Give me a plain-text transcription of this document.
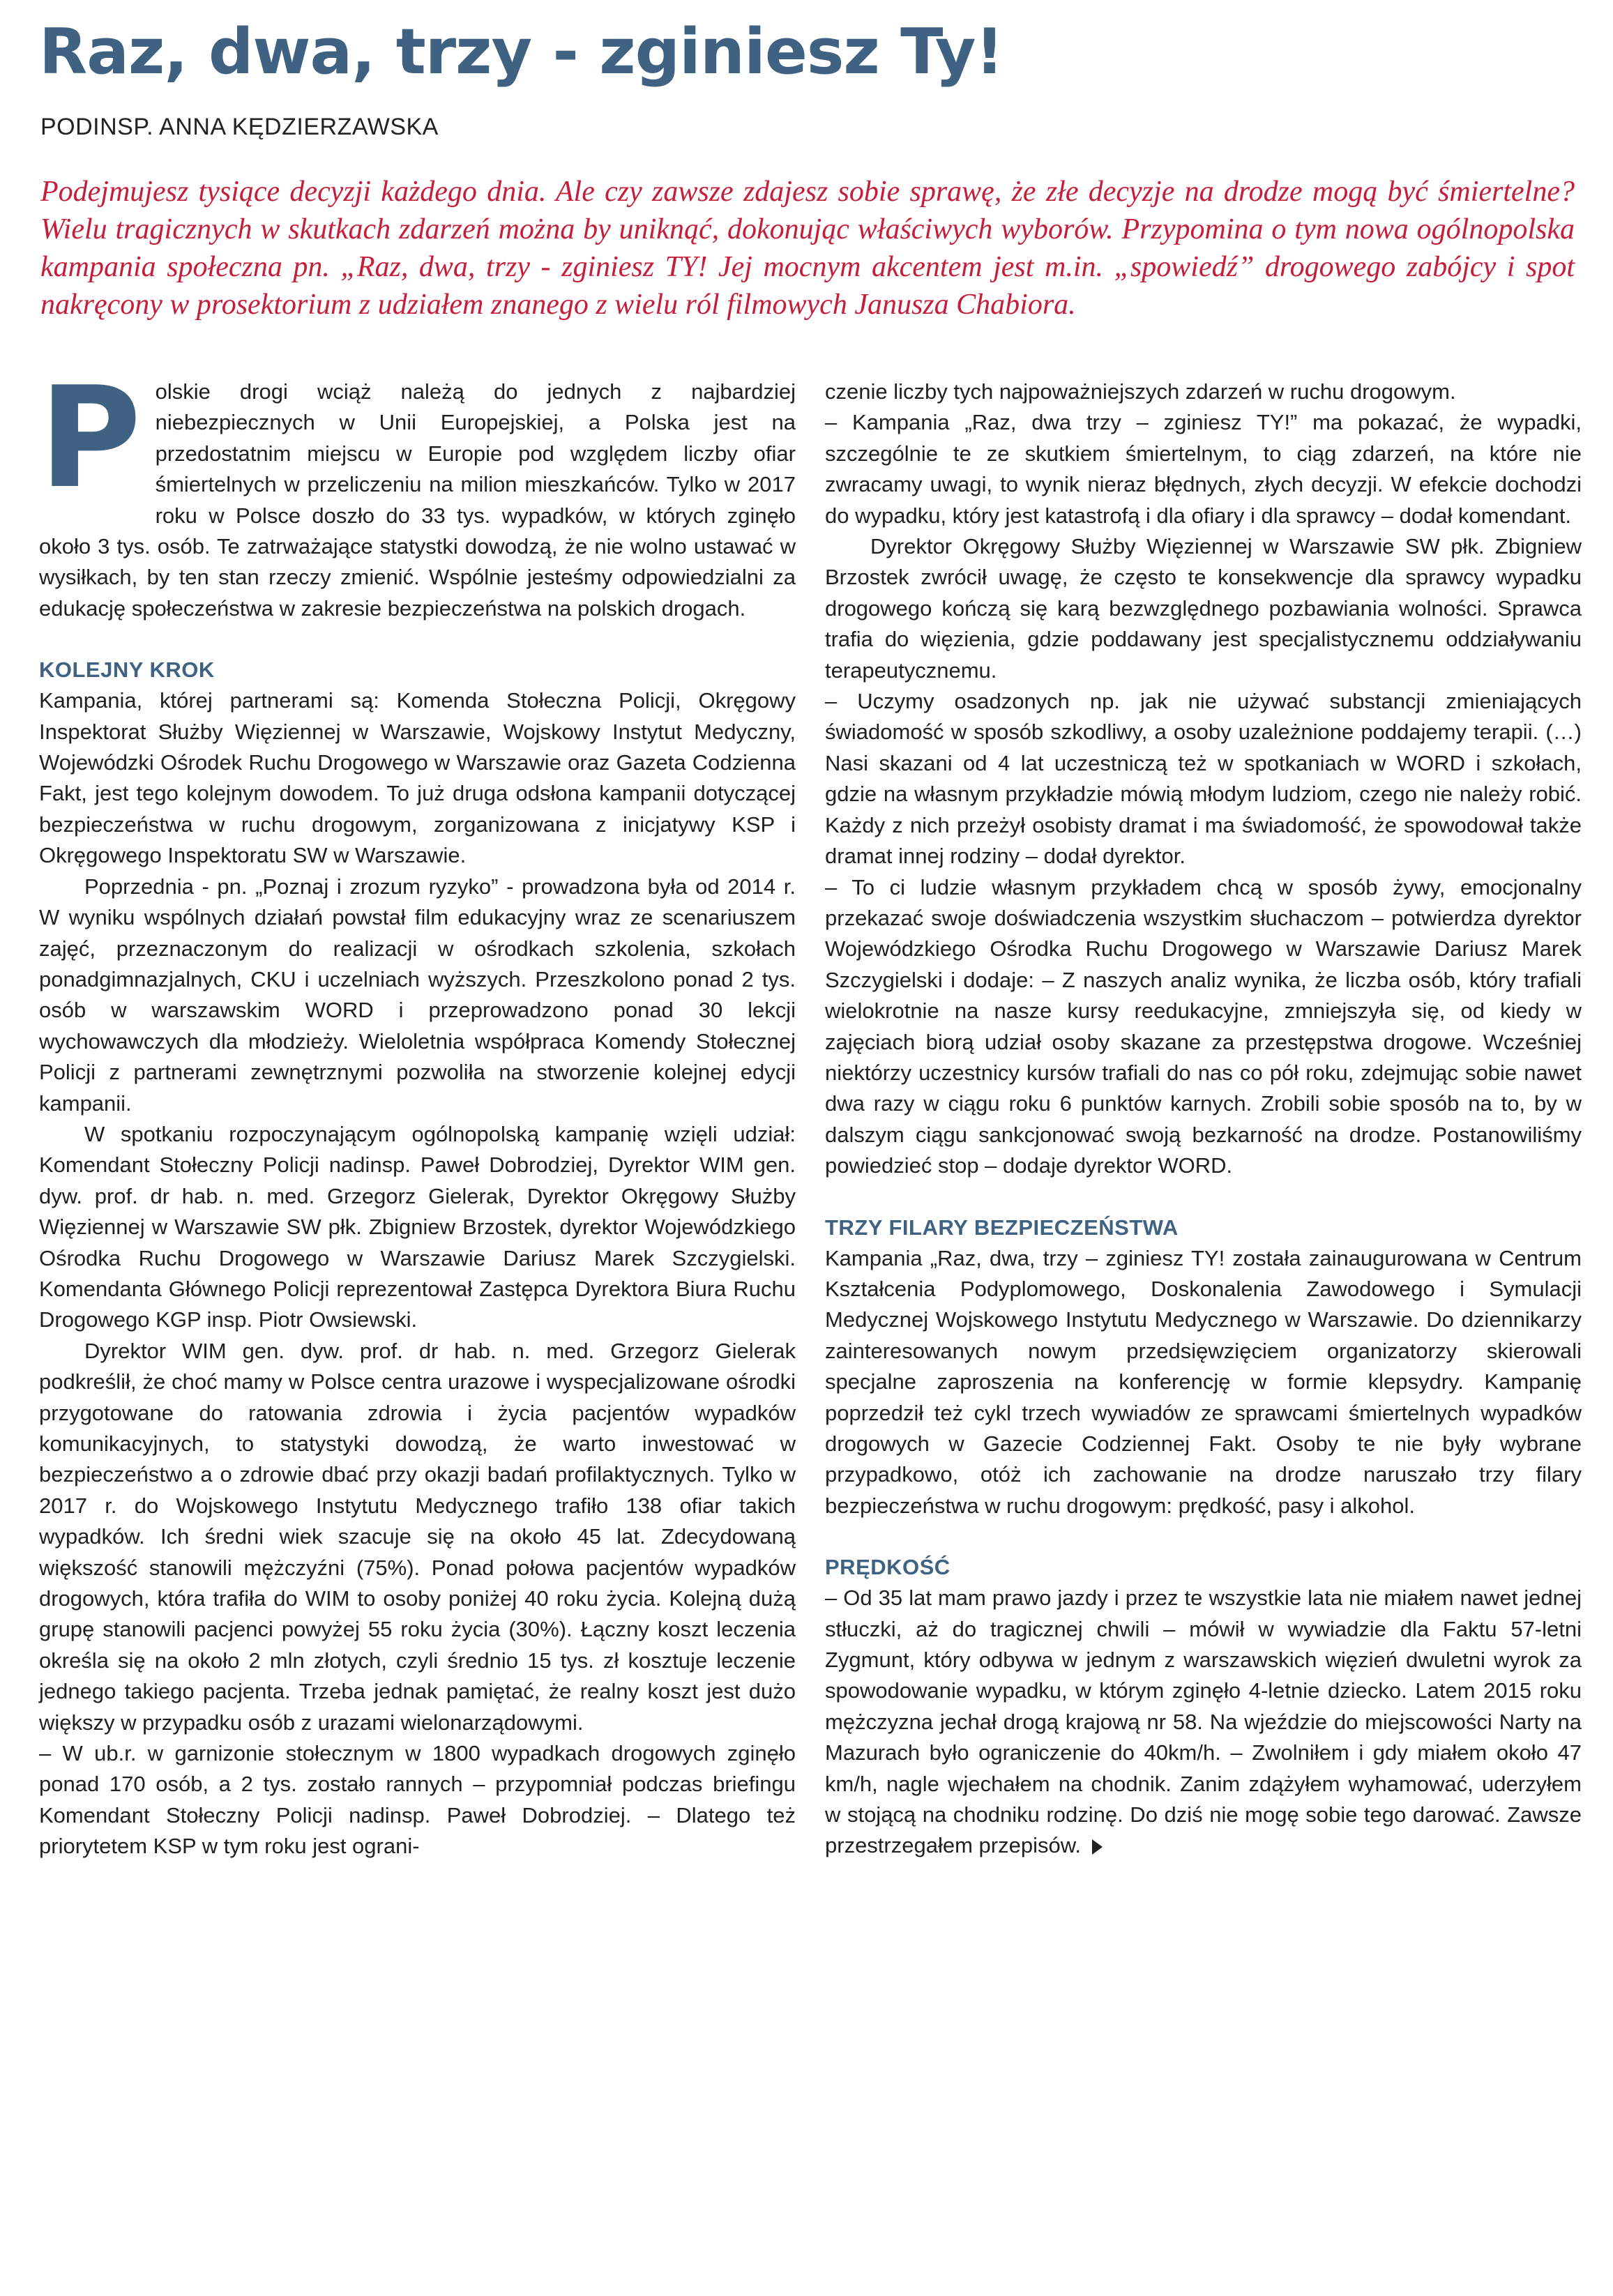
Raz, dwa, trzy - zginiesz Ty!

PODINSP. ANNA KĘDZIERZAWSKA

Podejmujesz tysiące decyzji każdego dnia. Ale czy zawsze zdajesz sobie sprawę, że złe decyzje na drodze mogą być śmiertelne? Wielu tragicznych w skutkach zdarzeń można by uniknąć, dokonując właściwych wyborów. Przypomina o tym nowa ogólnopolska kampania społeczna pn. „Raz, dwa, trzy - zginiesz TY! Jej mocnym akcentem jest m.in. „spowiedź” drogowego zabójcy i spot nakręcony w prosektorium z udziałem znanego z wielu ról filmowych Janusza Chabiora.

Polskie drogi wciąż należą do jednych z najbardziej niebezpiecznych w Unii Europejskiej, a Polska jest na przedostatnim miejscu w Europie pod względem liczby ofiar śmiertelnych w przeliczeniu na milion mieszkańców. Tylko w 2017 roku w Polsce doszło do 33 tys. wypadków, w których zginęło około 3 tys. osób. Te zatrważające statystki dowodzą, że nie wolno ustawać w wysiłkach, by ten stan rzeczy zmienić. Wspólnie jesteśmy odpowiedzialni za edukację społeczeństwa w zakresie bezpieczeństwa na polskich drogach.

KOLEJNY KROK

Kampania, której partnerami są: Komenda Stołeczna Policji, Okręgowy Inspektorat Służby Więziennej w Warszawie, Wojskowy Instytut Medyczny, Wojewódzki Ośrodek Ruchu Drogowego w Warszawie oraz Gazeta Codzienna Fakt, jest tego kolejnym dowodem. To już druga odsłona kampanii dotyczącej bezpieczeństwa w ruchu drogowym, zorganizowana z inicjatywy KSP i Okręgowego Inspektoratu SW w Warszawie.

Poprzednia - pn. „Poznaj i zrozum ryzyko” - prowadzona była od 2014 r. W wyniku wspólnych działań powstał film edukacyjny wraz ze scenariuszem zajęć, przeznaczonym do realizacji w ośrodkach szkolenia, szkołach ponadgimnazjalnych, CKU i uczelniach wyższych. Przeszkolono ponad 2 tys. osób w warszawskim WORD i przeprowadzono ponad 30 lekcji wychowawczych dla młodzieży. Wieloletnia współpraca Komendy Stołecznej Policji z partnerami zewnętrznymi pozwoliła na stworzenie kolejnej edycji kampanii.

W spotkaniu rozpoczynającym ogólnopolską kampanię wzięli udział: Komendant Stołeczny Policji nadinsp. Paweł Dobrodziej, Dyrektor WIM gen. dyw. prof. dr hab. n. med. Grzegorz Gielerak, Dyrektor Okręgowy Służby Więziennej w Warszawie SW płk. Zbigniew Brzostek, dyrektor Wojewódzkiego Ośrodka Ruchu Drogowego w Warszawie Dariusz Marek Szczygielski. Komendanta Głównego Policji reprezentował Zastępca Dyrektora Biura Ruchu Drogowego KGP insp. Piotr Owsiewski.

Dyrektor WIM gen. dyw. prof. dr hab. n. med. Grzegorz Gielerak podkreślił, że choć mamy w Polsce centra urazowe i wyspecjalizowane ośrodki przygotowane do ratowania zdrowia i życia pacjentów wypadków komunikacyjnych, to statystyki dowodzą, że warto inwestować w bezpieczeństwo a o zdrowie dbać przy okazji badań profilaktycznych. Tylko w 2017 r. do Wojskowego Instytutu Medycznego trafiło 138 ofiar takich wypadków. Ich średni wiek szacuje się na około 45 lat. Zdecydowaną większość stanowili mężczyźni (75%). Ponad połowa pacjentów wypadków drogowych, która trafiła do WIM to osoby poniżej 40 roku życia. Kolejną dużą grupę stanowili pacjenci powyżej 55 roku życia (30%). Łączny koszt leczenia określa się na około 2 mln złotych, czyli średnio 15 tys. zł kosztuje leczenie jednego takiego pacjenta. Trzeba jednak pamiętać, że realny koszt jest dużo większy w przypadku osób z urazami wielonarządowymi.

– W ub.r. w garnizonie stołecznym w 1800 wypadkach drogowych zginęło ponad 170 osób, a 2 tys. zostało rannych – przypomniał podczas briefingu Komendant Stołeczny Policji nadinsp. Paweł Dobrodziej. – Dlatego też priorytetem KSP w tym roku jest ograni-

czenie liczby tych najpoważniejszych zdarzeń w ruchu drogowym.

– Kampania „Raz, dwa trzy – zginiesz TY!” ma pokazać, że wypadki, szczególnie te ze skutkiem śmiertelnym, to ciąg zdarzeń, na które nie zwracamy uwagi, to wynik nieraz błędnych, złych decyzji. W efekcie dochodzi do wypadku, który jest katastrofą i dla ofiary i dla sprawcy – dodał komendant.

Dyrektor Okręgowy Służby Więziennej w Warszawie SW płk. Zbigniew Brzostek zwrócił uwagę, że często te konsekwencje dla sprawcy wypadku drogowego kończą się karą bezwzględnego pozbawiania wolności. Sprawca trafia do więzienia, gdzie poddawany jest specjalistycznemu oddziaływaniu terapeutycznemu.

– Uczymy osadzonych np. jak nie używać substancji zmieniających świadomość w sposób szkodliwy, a osoby uzależnione poddajemy terapii. (…) Nasi skazani od 4 lat uczestniczą też w spotkaniach w WORD i szkołach, gdzie na własnym przykładzie mówią młodym ludziom, czego nie należy robić. Każdy z nich przeżył osobisty dramat i ma świadomość, że spowodował także dramat innej rodziny – dodał dyrektor.

– To ci ludzie własnym przykładem chcą w sposób żywy, emocjonalny przekazać swoje doświadczenia wszystkim słuchaczom – potwierdza dyrektor Wojewódzkiego Ośrodka Ruchu Drogowego w Warszawie Dariusz Marek Szczygielski i dodaje: – Z naszych analiz wynika, że liczba osób, który trafiali wielokrotnie na nasze kursy reedukacyjne, zmniejszyła się, od kiedy w zajęciach biorą udział osoby skazane za przestępstwa drogowe. Wcześniej niektórzy uczestnicy kursów trafiali do nas co pół roku, zdejmując sobie nawet dwa razy w ciągu roku 6 punktów karnych. Zrobili sobie sposób na to, by w dalszym ciągu sankcjonować swoją bezkarność na drodze. Postanowiliśmy powiedzieć stop – dodaje dyrektor WORD.

TRZY FILARY BEZPIECZEŃSTWA

Kampania „Raz, dwa, trzy – zginiesz TY! została zainaugurowana w Centrum Kształcenia Podyplomowego, Doskonalenia Zawodowego i Symulacji Medycznej Wojskowego Instytutu Medycznego w Warszawie. Do dziennikarzy zainteresowanych nowym przedsięwzięciem organizatorzy skierowali specjalne zaproszenia na konferencję w formie klepsydry. Kampanię poprzedził też cykl trzech wywiadów ze sprawcami śmiertelnych wypadków drogowych w Gazecie Codziennej Fakt. Osoby te nie były wybrane przypadkowo, otóż ich zachowanie na drodze naruszało trzy filary bezpieczeństwa w ruchu drogowym: prędkość, pasy i alkohol.

PRĘDKOŚĆ

– Od 35 lat mam prawo jazdy i przez te wszystkie lata nie miałem nawet jednej stłuczki, aż do tragicznej chwili – mówił w wywiadzie dla Faktu 57-letni Zygmunt, który odbywa w jednym z warszawskich więzień dwuletni wyrok za spowodowanie wypadku, w którym zginęło 4-letnie dziecko. Latem 2015 roku mężczyzna jechał drogą krajową nr 58. Na wjeździe do miejscowości Narty na Mazurach było ograniczenie do 40km/h. – Zwolniłem i gdy miałem około 47 km/h, nagle wjechałem na chodnik. Zanim zdążyłem wyhamować, uderzyłem w stojącą na chodniku rodzinę. Do dziś nie mogę sobie tego darować. Zawsze przestrzegałem przepisów.
